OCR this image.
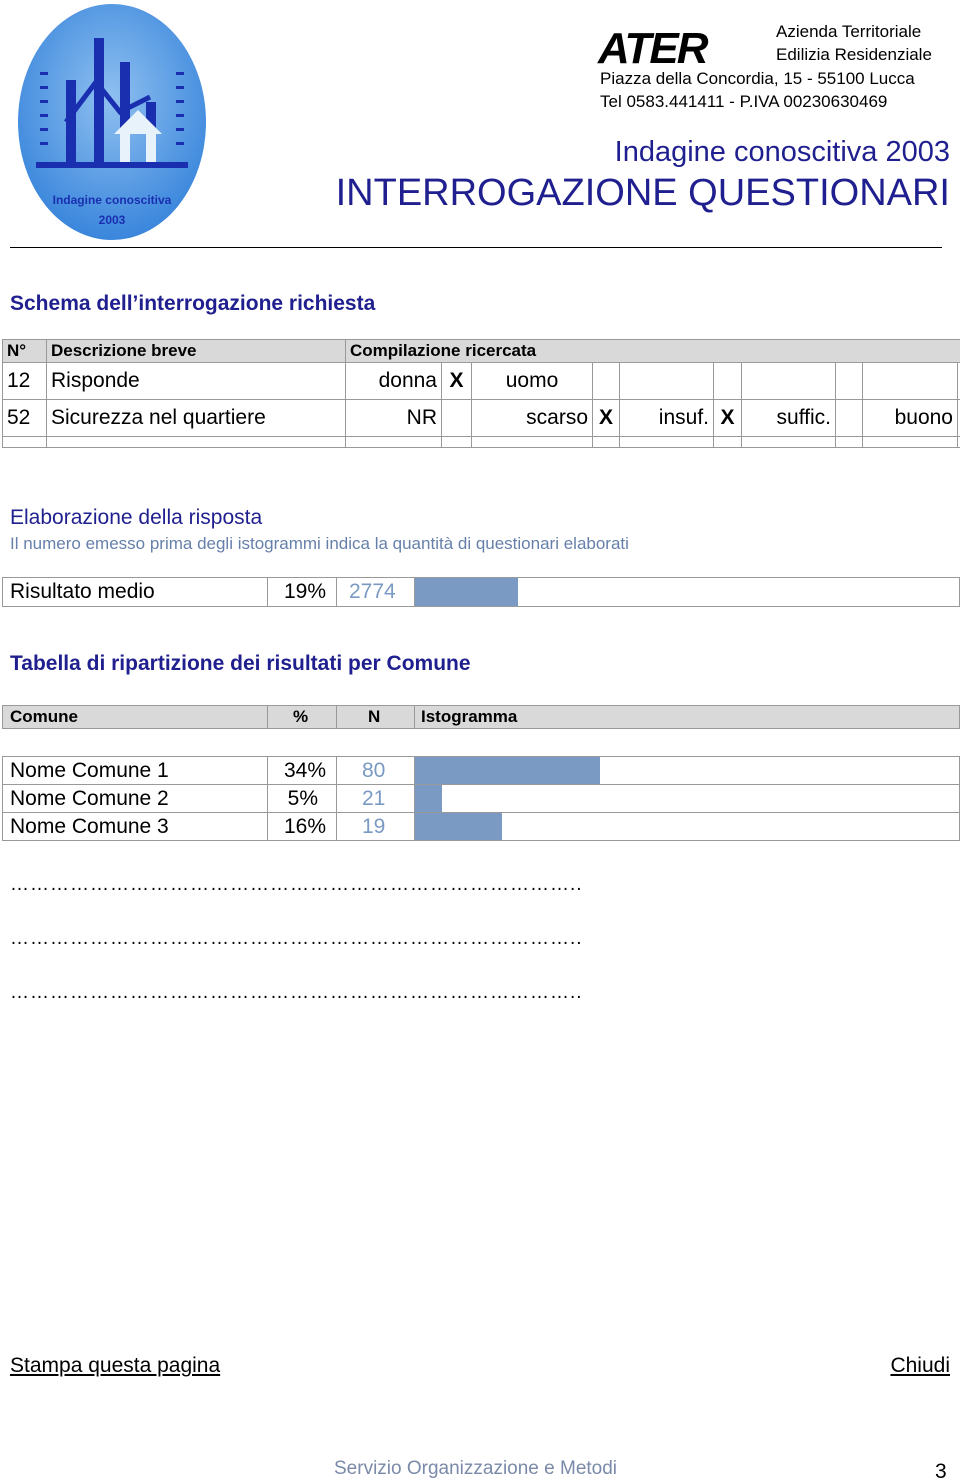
Indagine conoscitiva
2003
ATER	Azienda Territoriale
Edilizia Residenziale
Piazza della Concordia, 15 - 55100 Lucca
Tel 0583.441411 - P.IVA 00230630469
Indagine conoscitiva 2003
INTERROGAZIONE QUESTIONARI
Schema dell’interrogazione richiesta
N°	Descrizione breve	Compilazione ricercata									
12	Risponde	donna	X	uomo							
52	Sicurezza nel quartiere	NR		scarso	X	insuf.	X	suffic.		buono	

Elaborazione della risposta
Il numero emesso prima degli istogrammi indica la quantità di questionari elaborati
Risultato medio	19% 2774
Tabella di ripartizione dei risultati per Comune
Comune	%	N Istogramma
Nome Comune 1	34% 80
Nome Comune 2	5% 21
Nome Comune 3	16% 19
…………………………………………………………………………..
…………………………………………………………………………..
…………………………………………………………………………..
Stampa questa pagina	Chiudi
Servizio Organizzazione e Metodi	3
